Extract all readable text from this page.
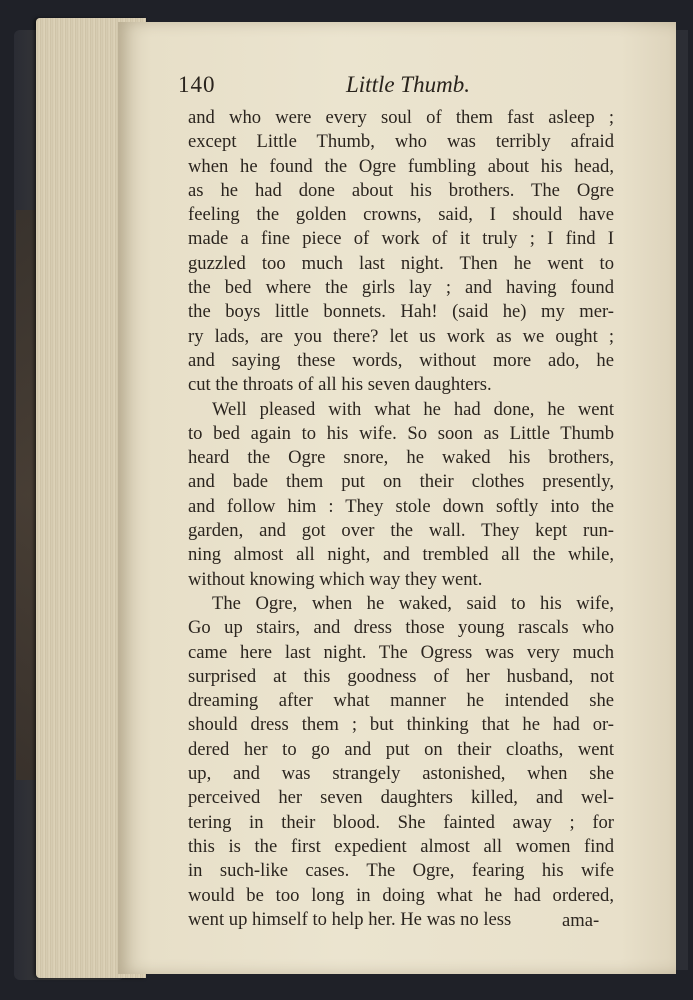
140	Little Thumb.
and who were every soul of them fast asleep ;
except Little Thumb, who was terribly afraid
when he found the Ogre fumbling about his head,
as he had done about his brothers. The Ogre
feeling the golden crowns, said, I should have
made a fine piece of work of it truly ; I find I
guzzled too much last night. Then he went to
the bed where the girls lay ; and having found
the boys little bonnets. Hah! (said he) my mer-
ry lads, are you there? let us work as we ought ;
and saying these words, without more ado, he
cut the throats of all his seven daughters.
Well pleased with what he had done, he went
to bed again to his wife. So soon as Little Thumb
heard the Ogre snore, he waked his brothers,
and bade them put on their clothes presently,
and follow him : They stole down softly into the
garden, and got over the wall. They kept run-
ning almost all night, and trembled all the while,
without knowing which way they went.
The Ogre, when he waked, said to his wife,
Go up stairs, and dress those young rascals who
came here last night. The Ogress was very much
surprised at this goodness of her husband, not
dreaming after what manner he intended she
should dress them ; but thinking that he had or-
dered her to go and put on their cloaths, went
up, and was strangely astonished, when she
perceived her seven daughters killed, and wel-
tering in their blood. She fainted away ; for
this is the first expedient almost all women find
in such-like cases. The Ogre, fearing his wife
would be too long in doing what he had ordered,
went up himself to help her. He was no less	ama-
